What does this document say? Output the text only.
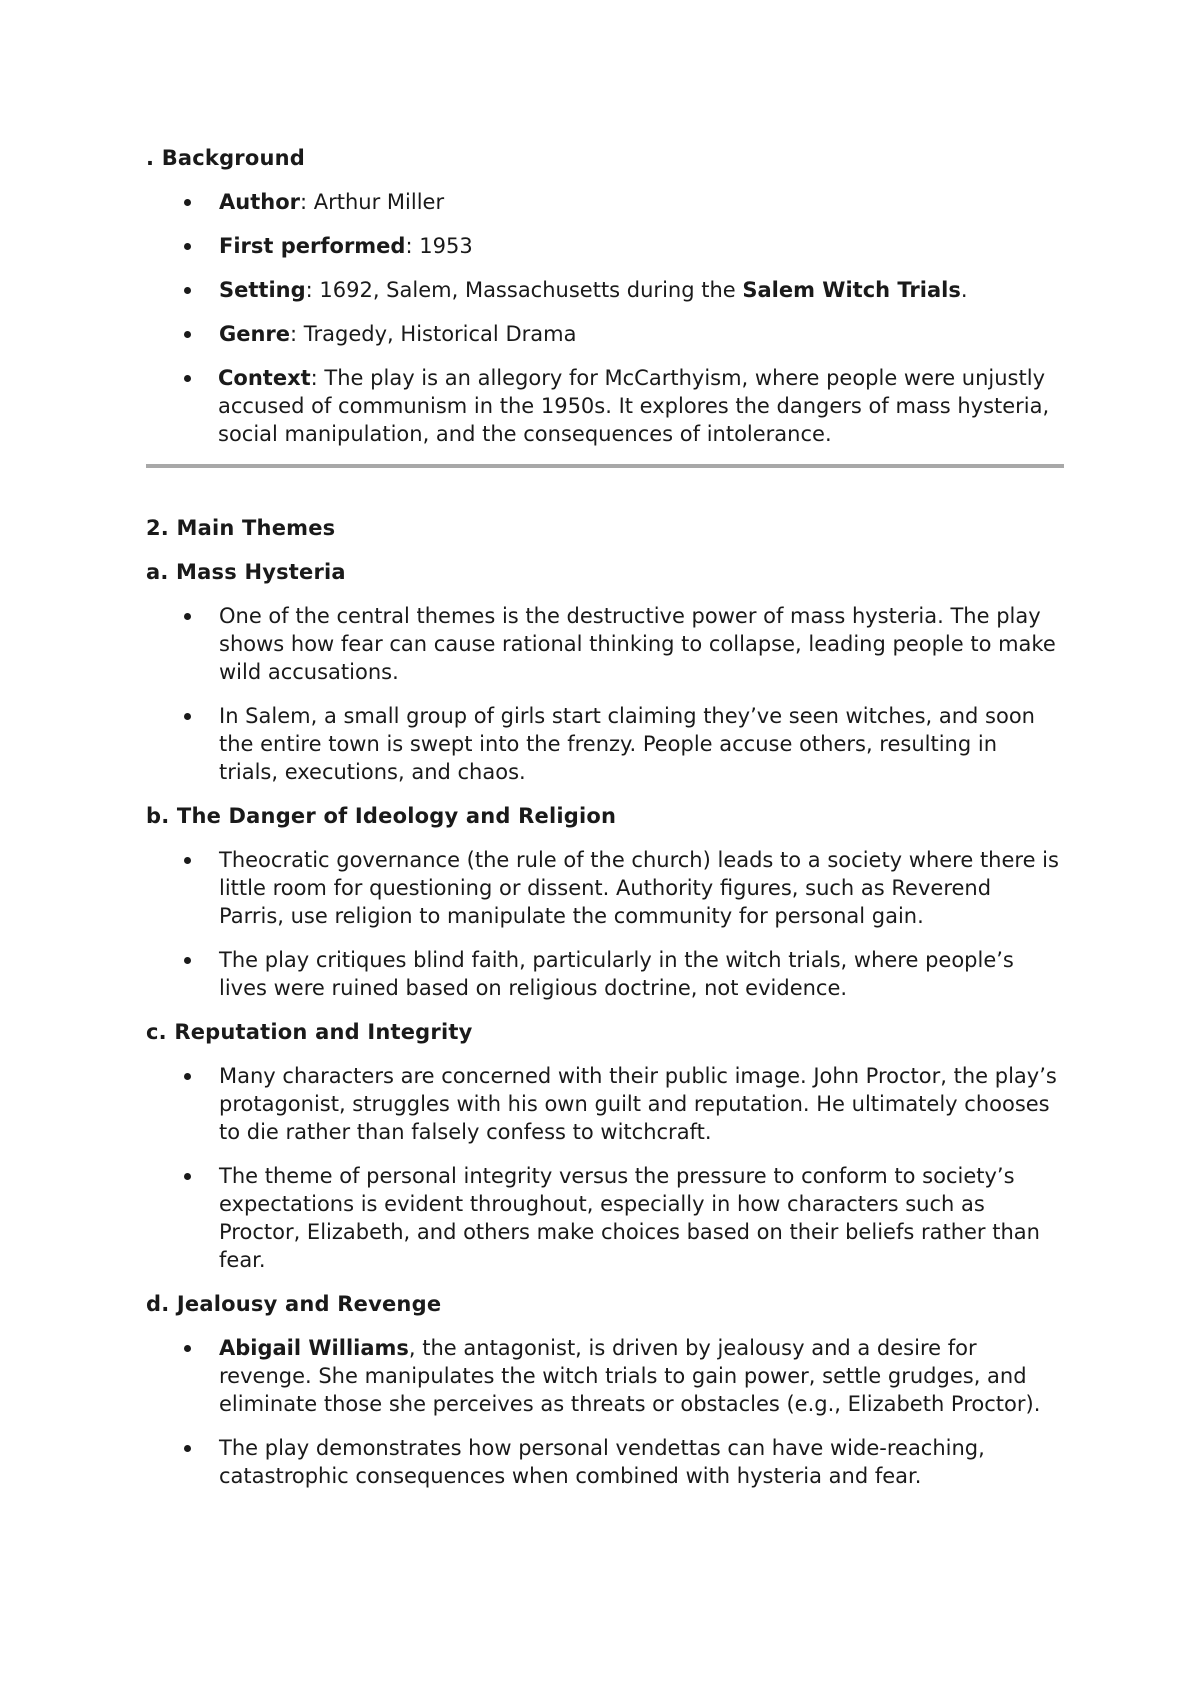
. Background
Author: Arthur Miller
First performed: 1953
Setting: 1692, Salem, Massachusetts during the Salem Witch Trials.
Genre: Tragedy, Historical Drama
Context: The play is an allegory for McCarthyism, where people were unjustly accused of communism in the 1950s. It explores the dangers of mass hysteria, social manipulation, and the consequences of intolerance.
2. Main Themes
a. Mass Hysteria
One of the central themes is the destructive power of mass hysteria. The play shows how fear can cause rational thinking to collapse, leading people to make wild accusations.
In Salem, a small group of girls start claiming they’ve seen witches, and soon the entire town is swept into the frenzy. People accuse others, resulting in trials, executions, and chaos.
b. The Danger of Ideology and Religion
Theocratic governance (the rule of the church) leads to a society where there is little room for questioning or dissent. Authority figures, such as Reverend Parris, use religion to manipulate the community for personal gain.
The play critiques blind faith, particularly in the witch trials, where people’s lives were ruined based on religious doctrine, not evidence.
c. Reputation and Integrity
Many characters are concerned with their public image. John Proctor, the play’s protagonist, struggles with his own guilt and reputation. He ultimately chooses to die rather than falsely confess to witchcraft.
The theme of personal integrity versus the pressure to conform to society’s expectations is evident throughout, especially in how characters such as Proctor, Elizabeth, and others make choices based on their beliefs rather than fear.
d. Jealousy and Revenge
Abigail Williams, the antagonist, is driven by jealousy and a desire for revenge. She manipulates the witch trials to gain power, settle grudges, and eliminate those she perceives as threats or obstacles (e.g., Elizabeth Proctor).
The play demonstrates how personal vendettas can have wide-reaching, catastrophic consequences when combined with hysteria and fear.
